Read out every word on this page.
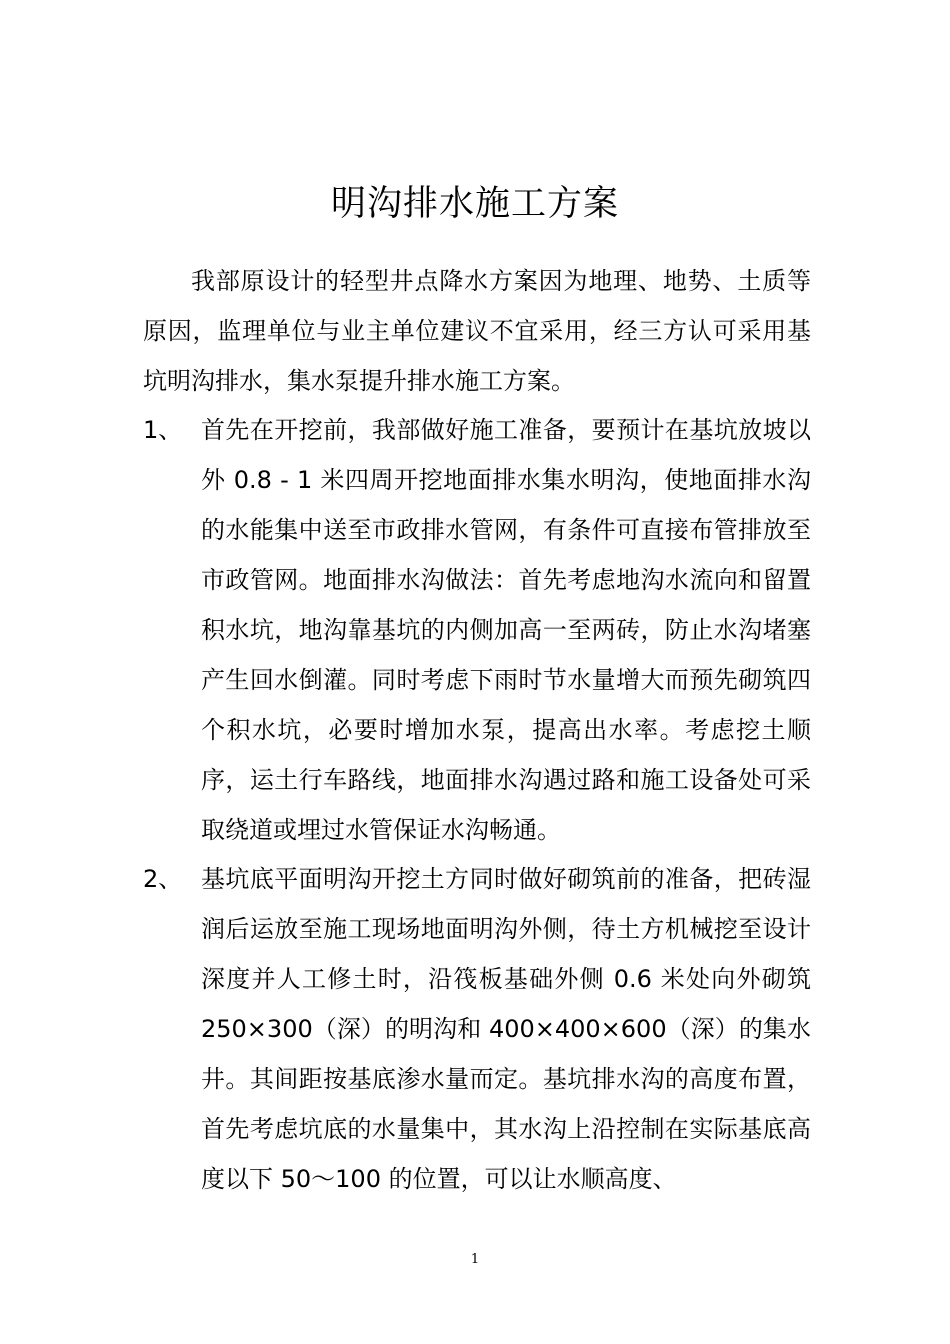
明沟排水施工方案

我部原设计的轻型井点降水方案因为地理、地势、土质等原因，监理单位与业主单位建议不宜采用，经三方认可采用基坑明沟排水，集水泵提升排水施工方案。

1、 首先在开挖前，我部做好施工准备，要预计在基坑放坡以外 0.8 - 1 米四周开挖地面排水集水明沟，使地面排水沟的水能集中送至市政排水管网，有条件可直接布管排放至市政管网。地面排水沟做法：首先考虑地沟水流向和留置积水坑，地沟靠基坑的内侧加高一至两砖，防止水沟堵塞产生回水倒灌。同时考虑下雨时节水量增大而预先砌筑四个积水坑，必要时增加水泵，提高出水率。考虑挖土顺序，运土行车路线，地面排水沟遇过路和施工设备处可采取绕道或埋过水管保证水沟畅通。

2、 基坑底平面明沟开挖土方同时做好砌筑前的准备，把砖湿润后运放至施工现场地面明沟外侧，待土方机械挖至设计深度并人工修土时，沿筏板基础外侧 0.6 米处向外砌筑 250×300（深）的明沟和 400×400×600（深）的集水井。其间距按基底渗水量而定。基坑排水沟的高度布置，首先考虑坑底的水量集中，其水沟上沿控制在实际基底高度以下 50～100 的位置，可以让水顺高度、

1
